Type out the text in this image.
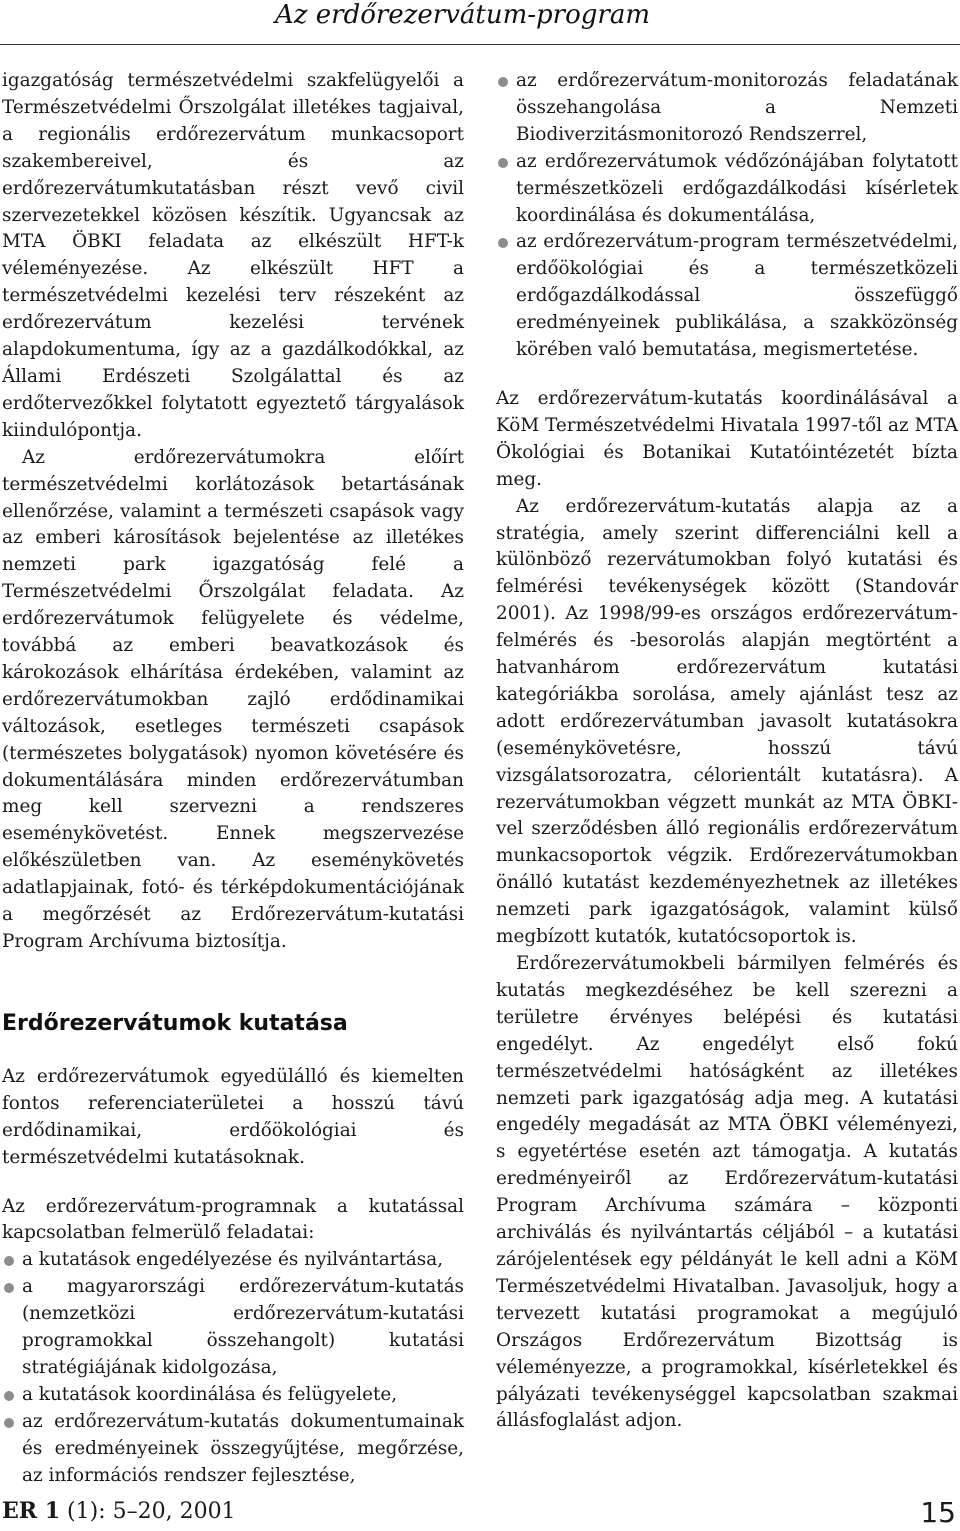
Az erdőrezervátum-program

igazgatóság természetvédelmi szakfelügyelői a Természetvédelmi Őrszolgálat illetékes tagjaival, a regionális erdőrezervátum munkacsoport szakembereivel, és az erdőrezervátumkutatásban részt vevő civil szervezetekkel közösen készítik. Ugyancsak az MTA ÖBKI feladata az elkészült HFT-k véleményezése. Az elkészült HFT a természetvédelmi kezelési terv részeként az erdőrezervátum kezelési tervének alapdokumentuma, így az a gazdálkodókkal, az Állami Erdészeti Szolgálattal és az erdőtervezőkkel folytatott egyeztető tárgyalások kiindulópontja.

Az erdőrezervátumokra előírt természetvédelmi korlátozások betartásának ellenőrzése, valamint a természeti csapások vagy az emberi károsítások bejelentése az illetékes nemzeti park igazgatóság felé a Természetvédelmi Őrszolgálat feladata. Az erdőrezervátumok felügyelete és védelme, továbbá az emberi beavatkozások és károkozások elhárítása érdekében, valamint az erdőrezervátumokban zajló erdődinamikai változások, esetleges természeti csapások (természetes bolygatások) nyomon követésére és dokumentálására minden erdőrezervátumban meg kell szervezni a rendszeres eseménykövetést. Ennek megszervezése előkészületben van. Az eseménykövetés adatlapjainak, fotó- és térképdokumentációjának a megőrzését az Erdőrezervátum-kutatási Program Archívuma biztosítja.

Erdőrezervátumok kutatása

Az erdőrezervátumok egyedülálló és kiemelten fontos referenciaterületei a hosszú távú erdődinamikai, erdőökológiai és természetvédelmi kutatásoknak.

Az erdőrezervátum-programnak a kutatással kapcsolatban felmerülő feladatai:

a kutatások engedélyezése és nyilvántartása,
a magyarországi erdőrezervátum-kutatás (nemzetközi erdőrezervátum-kutatási programokkal összehangolt) kutatási stratégiájának kidolgozása,
a kutatások koordinálása és felügyelete,
az erdőrezervátum-kutatás dokumentumainak és eredményeinek összegyűjtése, megőrzése, az információs rendszer fejlesztése,
az erdőrezervátum-monitorozás feladatának összehangolása a Nemzeti Biodiverzitásmonitorozó Rendszerrel,
az erdőrezervátumok védőzónájában folytatott természetközeli erdőgazdálkodási kísérletek koordinálása és dokumentálása,
az erdőrezervátum-program természetvédelmi, erdőökológiai és a természetközeli erdőgazdálkodással összefüggő eredményeinek publikálása, a szakközönség körében való bemutatása, megismertetése.

Az erdőrezervátum-kutatás koordinálásával a KöM Természetvédelmi Hivatala 1997-től az MTA Ökológiai és Botanikai Kutatóintézetét bízta meg.

Az erdőrezervátum-kutatás alapja az a stratégia, amely szerint differenciálni kell a különböző rezervátumokban folyó kutatási és felmérési tevékenységek között (Standovár 2001). Az 1998/99-es országos erdőrezervátum-felmérés és -besorolás alapján megtörtént a hatvanhárom erdőrezervátum kutatási kategóriákba sorolása, amely ajánlást tesz az adott erdőrezervátumban javasolt kutatásokra (eseménykövetésre, hosszú távú vizsgálatsorozatra, célorientált kutatásra). A rezervátumokban végzett munkát az MTA ÖBKI-vel szerződésben álló regionális erdőrezervátum munkacsoportok végzik. Erdőrezervátumokban önálló kutatást kezdeményezhetnek az illetékes nemzeti park igazgatóságok, valamint külső megbízott kutatók, kutatócsoportok is.

Erdőrezervátumokbeli bármilyen felmérés és kutatás megkezdéséhez be kell szerezni a területre érvényes belépési és kutatási engedélyt. Az engedélyt első fokú természetvédelmi hatóságként az illetékes nemzeti park igazgatóság adja meg. A kutatási engedély megadását az MTA ÖBKI véleményezi, s egyetértése esetén azt támogatja. A kutatás eredményeiről az Erdőrezervátum-kutatási Program Archívuma számára – központi archiválás és nyilvántartás céljából – a kutatási zárójelentések egy példányát le kell adni a KöM Természetvédelmi Hivatalban. Javasoljuk, hogy a tervezett kutatási programokat a megújuló Országos Erdőrezervátum Bizottság is véleményezze, a programokkal, kísérletekkel és pályázati tevékenységgel kapcsolatban szakmai állásfoglalást adjon.

ER 1 (1): 5–20, 2001	15
